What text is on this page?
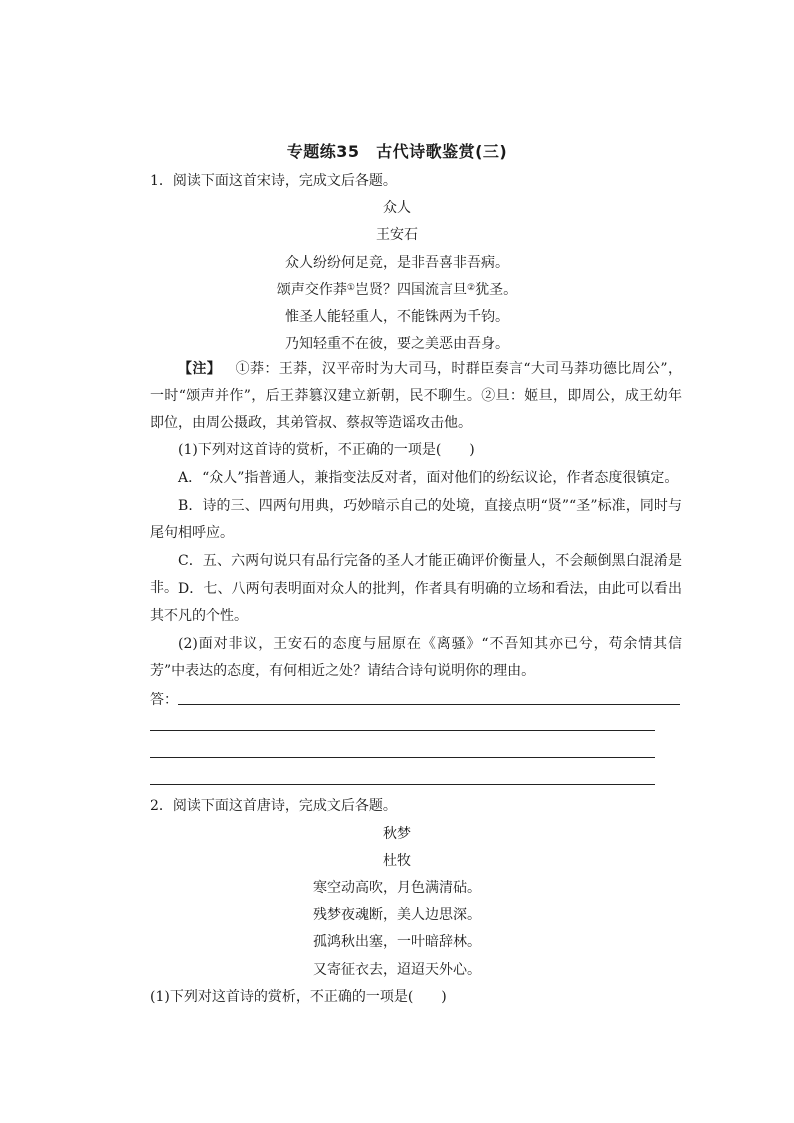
专题练35　古代诗歌鉴赏(三)
1．阅读下面这首宋诗，完成文后各题。
众人
王安石
众人纷纷何足竞，是非吾喜非吾病。
颂声交作莽①岂贤？四国流言旦②犹圣。
惟圣人能轻重人，不能铢两为千钧。
乃知轻重不在彼，要之美恶由吾身。
【注】  ①莽：王莽，汉平帝时为大司马，时群臣奏言“大司马莽功德比周公”，一时“颂声并作”，后王莽篡汉建立新朝，民不聊生。②旦：姬旦，即周公，成王幼年即位，由周公摄政，其弟管叔、蔡叔等造谣攻击他。
(1)下列对这首诗的赏析，不正确的一项是(　　)
A．“众人”指普通人，兼指变法反对者，面对他们的纷纭议论，作者态度很镇定。
B．诗的三、四两句用典，巧妙暗示自己的处境，直接点明“贤”“圣”标准，同时与尾句相呼应。
C．五、六两句说只有品行完备的圣人才能正确评价衡量人，不会颠倒黑白混淆是非。 D．七、八两句表明面对众人的批判，作者具有明确的立场和看法，由此可以看出其不凡的个性。
(2)面对非议，王安石的态度与屈原在《离骚》“不吾知其亦已兮，苟余情其信芳”中表达的态度，有何相近之处？请结合诗句说明你的理由。
答：
2．阅读下面这首唐诗，完成文后各题。
秋梦
杜牧
寒空动高吹，月色满清砧。
残梦夜魂断，美人边思深。
孤鸿秋出塞，一叶暗辞林。
又寄征衣去，迢迢天外心。
(1)下列对这首诗的赏析，不正确的一项是(　　)
